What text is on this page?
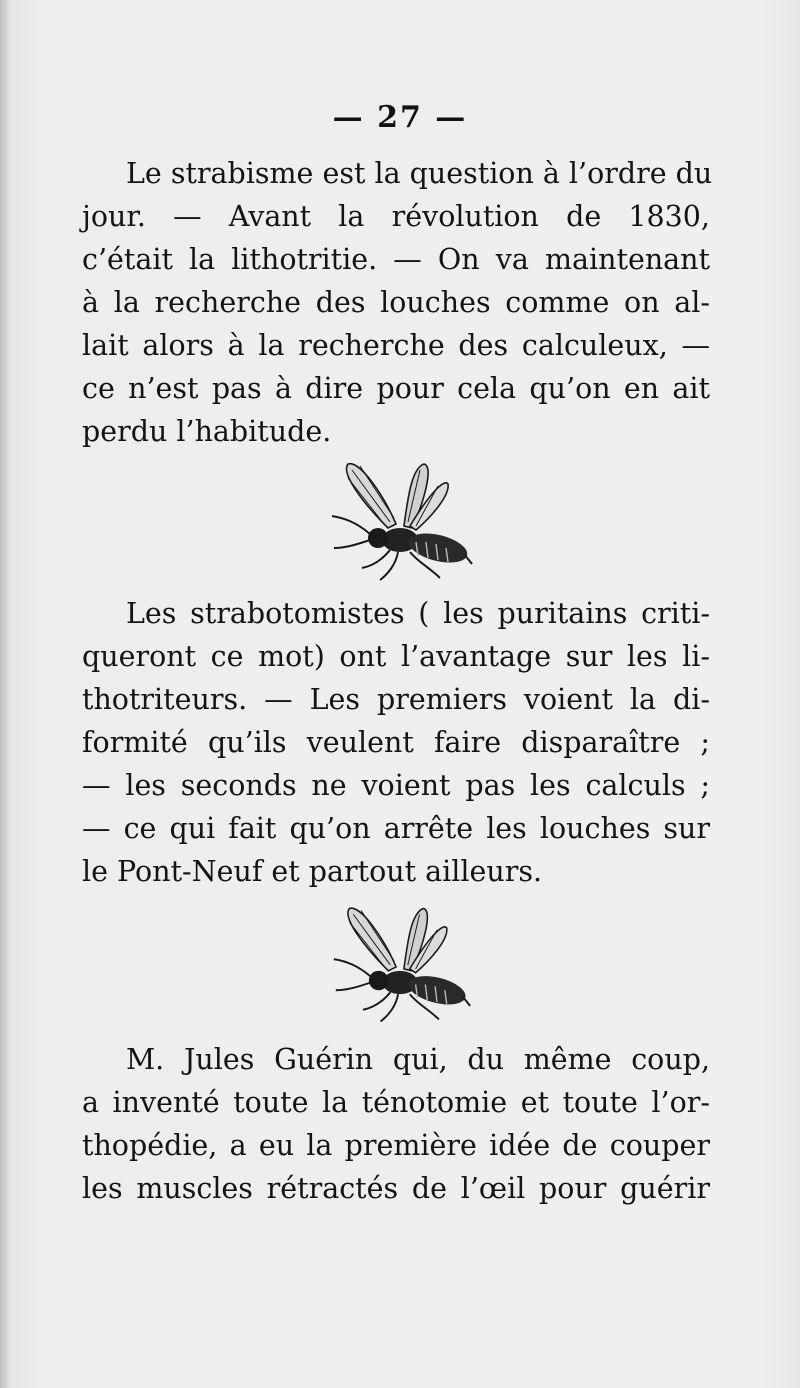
— 27 —
Le strabisme est la question à l’ordre du
jour. — Avant la révolution de 1830,
c’était la lithotritie. — On va maintenant
à la recherche des louches comme on al-
lait alors à la recherche des calculeux, —
ce n’est pas à dire pour cela qu’on en ait
perdu l’habitude.
Les strabotomistes ( les puritains criti-
queront ce mot) ont l’avantage sur les li-
thotriteurs. — Les premiers voient la di-
formité qu’ils veulent faire disparaître ;
— les seconds ne voient pas les calculs ;
— ce qui fait qu’on arrête les louches sur
le Pont-Neuf et partout ailleurs.
M. Jules Guérin qui, du même coup,
a inventé toute la ténotomie et toute l’or-
thopédie, a eu la première idée de couper
les muscles rétractés de l’œil pour guérir
